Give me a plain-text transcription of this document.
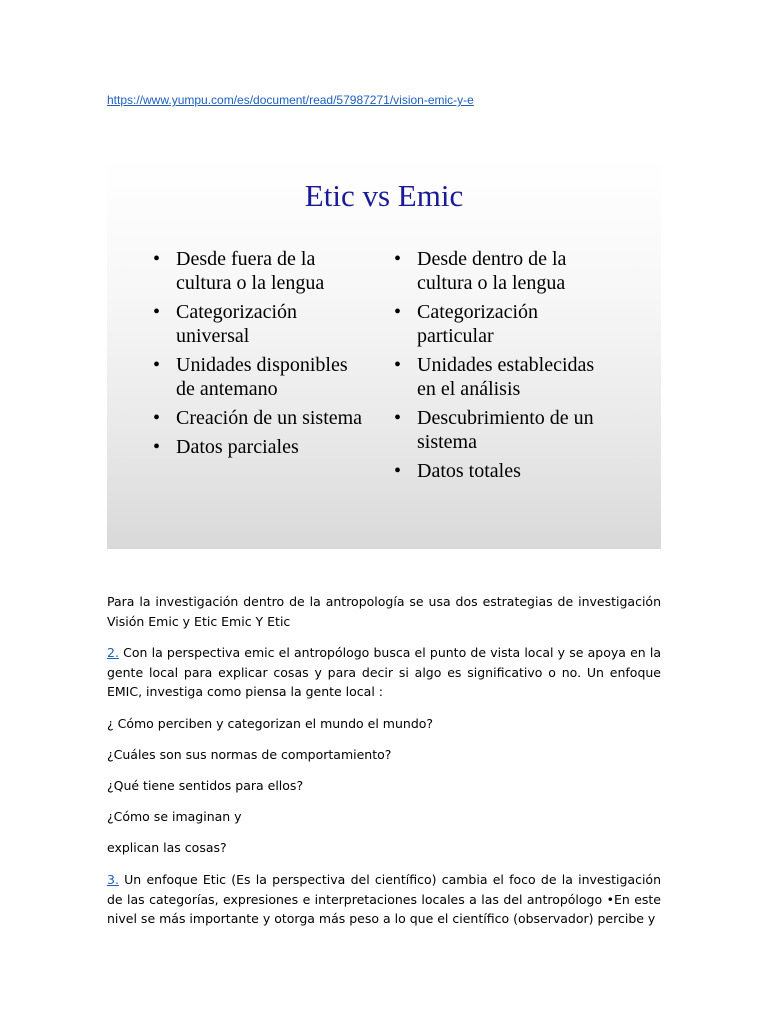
https://www.yumpu.com/es/document/read/57987271/vision-emic-y-e
Etic vs Emic
• Desde fuera de la cultura o la lengua
• Categorización universal
• Unidades disponibles de antemano
• Creación de un sistema
• Datos parciales
• Desde dentro de la cultura o la lengua
• Categorización particular
• Unidades establecidas en el análisis
• Descubrimiento de un sistema
• Datos totales
Para la investigación dentro de la antropología se usa dos estrategias de investigación Visión Emic y Etic Emic Y Etic
2. Con la perspectiva emic el antropólogo busca el punto de vista local y se apoya en la gente local para explicar cosas y para decir si algo es significativo o no. Un enfoque EMIC, investiga como piensa la gente local :
¿ Cómo perciben y categorizan el mundo el mundo?
¿Cuáles son sus normas de comportamiento?
¿Qué tiene sentidos para ellos?
¿Cómo se imaginan y
explican las cosas?
3. Un enfoque Etic (Es la perspectiva del científico) cambia el foco de la investigación de las categorías, expresiones e interpretaciones locales a las del antropólogo •En este nivel se más importante y otorga más peso a lo que el científico (observador) percibe y
